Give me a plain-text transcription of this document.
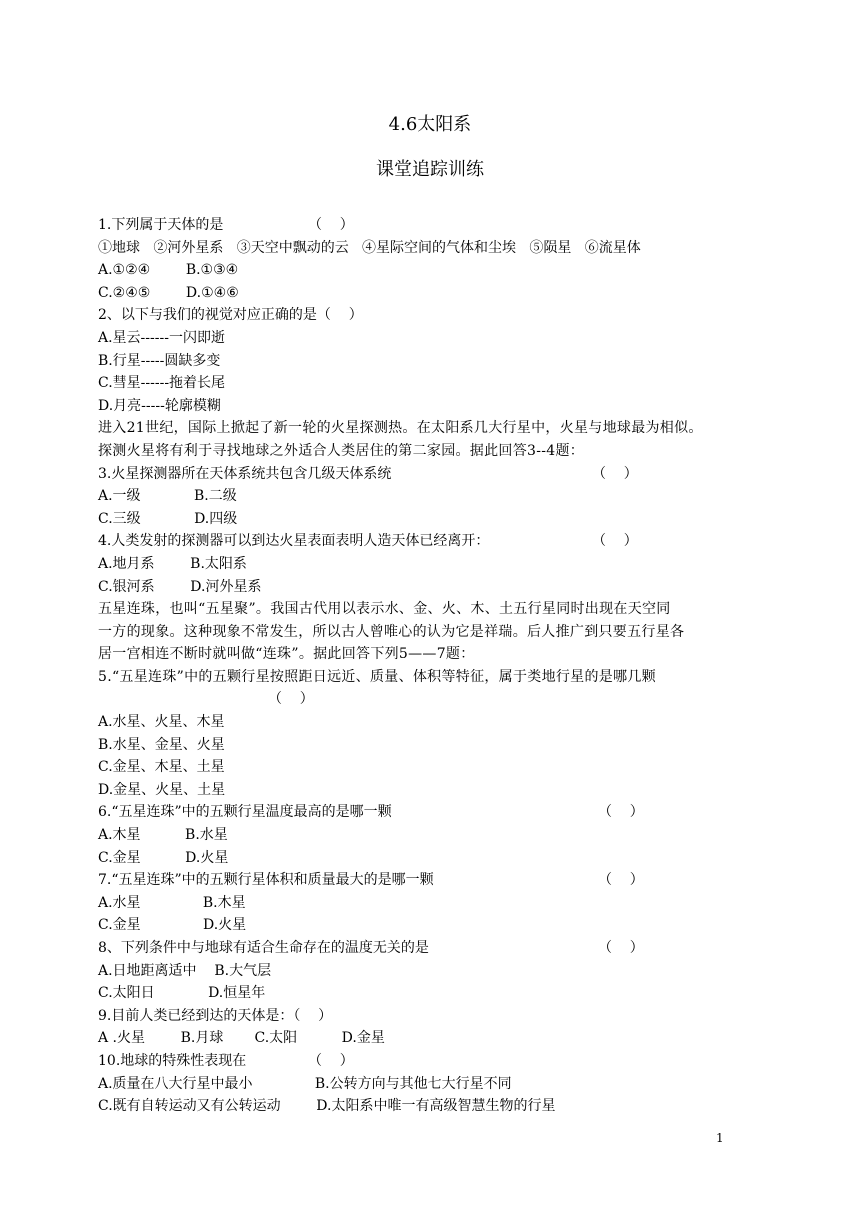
4.6太阳系
课堂追踪训练
1.下列属于天体的是	（    ）
①地球   ②河外星系   ③天空中飘动的云   ④星际空间的气体和尘埃   ⑤陨星   ⑥流星体
A.①②④        B.①③④
C.②④⑤        D.①④⑥
2、以下与我们的视觉对应正确的是（    ）
A.星云------一闪即逝
B.行星-----圆缺多变
C.彗星------拖着长尾
D.月亮-----轮廓模糊
进入21世纪，国际上掀起了新一轮的火星探测热。在太阳系几大行星中，火星与地球最为相似。
探测火星将有利于寻找地球之外适合人类居住的第二家园。据此回答3--4题：
3.火星探测器所在天体系统共包含几级天体系统	（    ）
A.一级            B.二级
C.三级            D.四级
4.人类发射的探测器可以到达火星表面表明人造天体已经离开：	（    ）
A.地月系        B.太阳系
C.银河系        D.河外星系
五星连珠，也叫“五星聚”。我国古代用以表示水、金、火、木、土五行星同时出现在天空同
一方的现象。这种现象不常发生，所以古人曾唯心的认为它是祥瑞。后人推广到只要五行星各
居一宫相连不断时就叫做“连珠”。据此回答下列5——7题：
5.“五星连珠”中的五颗行星按照距日远近、质量、体积等特征，属于类地行星的是哪几颗
（    ）
A.水星、火星、木星
B.水星、金星、火星
C.金星、木星、土星
D.金星、火星、土星
6.“五星连珠”中的五颗行星温度最高的是哪一颗	（    ）
A.木星          B.水星
C.金星          D.火星
7.“五星连珠”中的五颗行星体积和质量最大的是哪一颗	（    ）
A.水星              B.木星
C.金星              D.火星
8、下列条件中与地球有适合生命存在的温度无关的是	（    ）
A.日地距离适中    B.大气层
C.太阳日            D.恒星年
9.目前人类已经到达的天体是：（    ）
A .火星        B.月球       C.太阳          D.金星
10.地球的特殊性表现在	（    ）
A.质量在八大行星中最小              B.公转方向与其他七大行星不同
C.既有自转运动又有公转运动        D.太阳系中唯一有高级智慧生物的行星
1
